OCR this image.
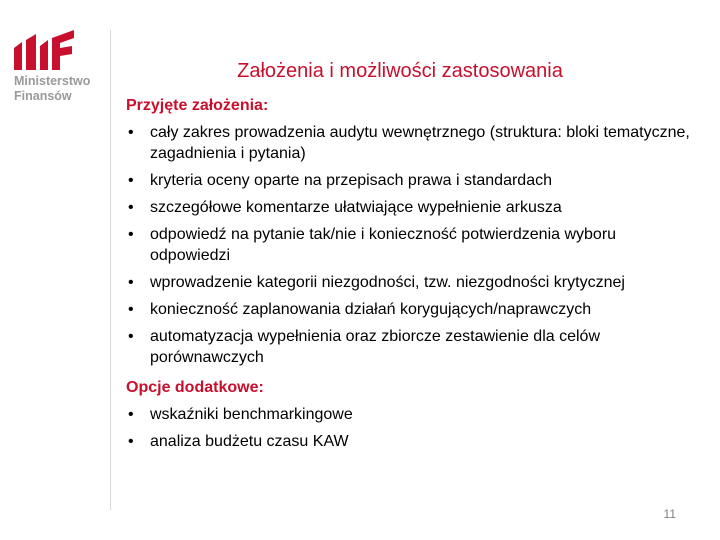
Ministerstwo
Finansów
Założenia i możliwości zastosowania
Przyjęte założenia:
• cały zakres prowadzenia audytu wewnętrznego (struktura: bloki tematyczne, zagadnienia i pytania)
• kryteria oceny oparte na przepisach prawa i standardach
• szczegółowe komentarze ułatwiające wypełnienie arkusza
• odpowiedź na pytanie tak/nie i konieczność potwierdzenia wyboru odpowiedzi
• wprowadzenie kategorii niezgodności, tzw. niezgodności krytycznej
• konieczność zaplanowania działań korygujących/naprawczych
• automatyzacja wypełnienia oraz zbiorcze zestawienie dla celów porównawczych
Opcje dodatkowe:
• wskaźniki benchmarkingowe
• analiza budżetu czasu KAW
11
